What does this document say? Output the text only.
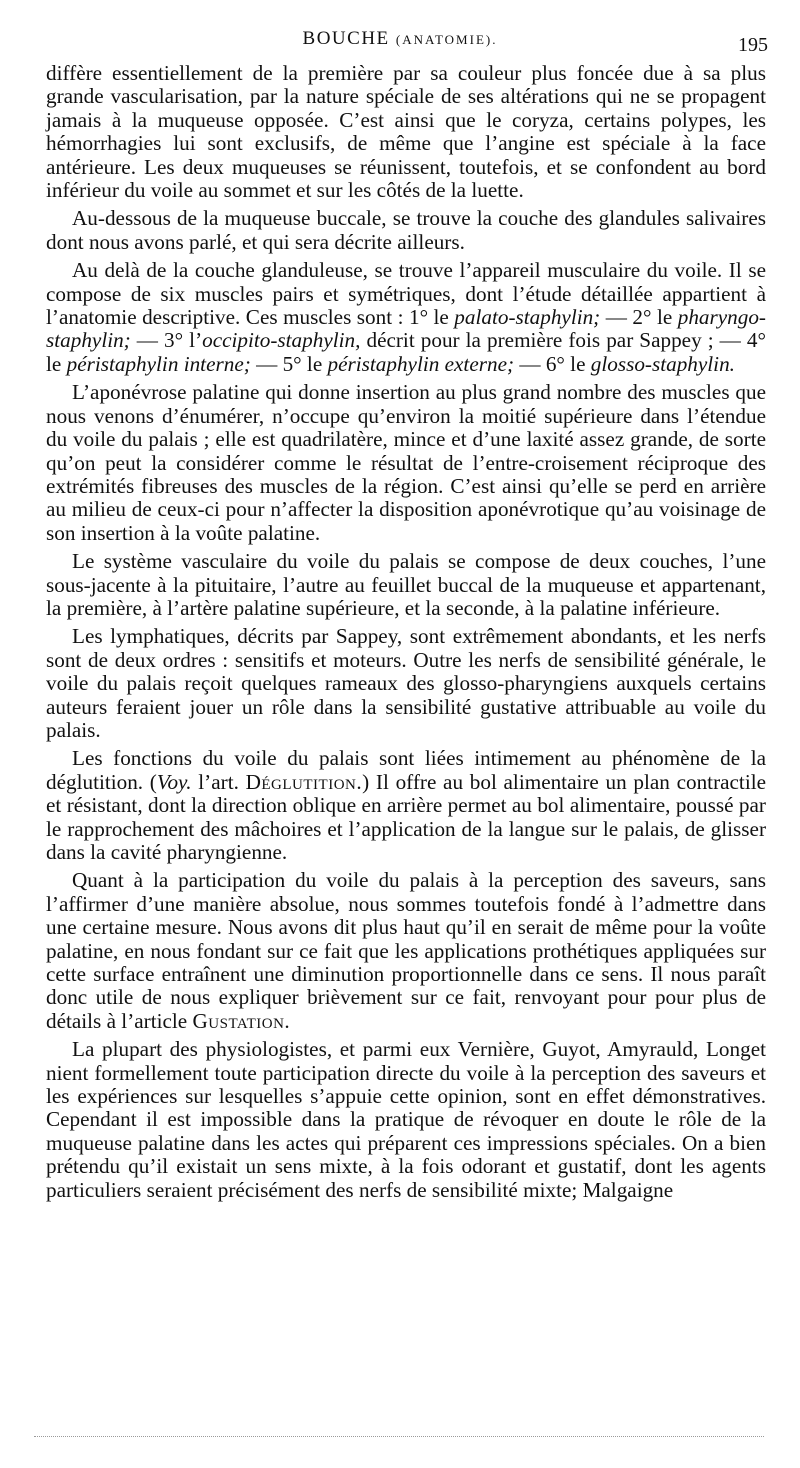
BOUCHE (ANATOMIE).	195

diffère essentiellement de la première par sa couleur plus foncée due à sa plus grande vascularisation, par la nature spéciale de ses altérations qui ne se propagent jamais à la muqueuse opposée. C’est ainsi que le coryza, certains polypes, les hémorrhagies lui sont exclusifs, de même que l’angine est spéciale à la face antérieure. Les deux muqueuses se réunissent, toutefois, et se confondent au bord inférieur du voile au sommet et sur les côtés de la luette.

Au-dessous de la muqueuse buccale, se trouve la couche des glandules salivaires dont nous avons parlé, et qui sera décrite ailleurs.

Au delà de la couche glanduleuse, se trouve l’appareil musculaire du voile. Il se compose de six muscles pairs et symétriques, dont l’étude détaillée appartient à l’anatomie descriptive. Ces muscles sont : 1° le palato-staphylin; — 2° le pharyngo-staphylin; — 3° l’occipito-staphylin, décrit pour la première fois par Sappey ; — 4° le péristaphylin interne; — 5° le péristaphylin externe; — 6° le glosso-staphylin.

L’aponévrose palatine qui donne insertion au plus grand nombre des muscles que nous venons d’énumérer, n’occupe qu’environ la moitié supérieure dans l’étendue du voile du palais ; elle est quadrilatère, mince et d’une laxité assez grande, de sorte qu’on peut la considérer comme le résultat de l’entre-croisement réciproque des extrémités fibreuses des muscles de la région. C’est ainsi qu’elle se perd en arrière au milieu de ceux-ci pour n’affecter la disposition aponévrotique qu’au voisinage de son insertion à la voûte palatine.

Le système vasculaire du voile du palais se compose de deux couches, l’une sous-jacente à la pituitaire, l’autre au feuillet buccal de la muqueuse et appartenant, la première, à l’artère palatine supérieure, et la seconde, à la palatine inférieure.

Les lymphatiques, décrits par Sappey, sont extrêmement abondants, et les nerfs sont de deux ordres : sensitifs et moteurs. Outre les nerfs de sensibilité générale, le voile du palais reçoit quelques rameaux des glosso-pharyngiens auxquels certains auteurs feraient jouer un rôle dans la sensibilité gustative attribuable au voile du palais.

Les fonctions du voile du palais sont liées intimement au phénomène de la déglutition. (Voy. l’art. Déglutition.) Il offre au bol alimentaire un plan contractile et résistant, dont la direction oblique en arrière permet au bol alimentaire, poussé par le rapprochement des mâchoires et l’application de la langue sur le palais, de glisser dans la cavité pharyngienne.

Quant à la participation du voile du palais à la perception des saveurs, sans l’affirmer d’une manière absolue, nous sommes toutefois fondé à l’admettre dans une certaine mesure. Nous avons dit plus haut qu’il en serait de même pour la voûte palatine, en nous fondant sur ce fait que les applications prothétiques appliquées sur cette surface entraînent une diminution proportionnelle dans ce sens. Il nous paraît donc utile de nous expliquer brièvement sur ce fait, renvoyant pour pour plus de détails à l’article Gustation.

La plupart des physiologistes, et parmi eux Vernière, Guyot, Amyrauld, Longet nient formellement toute participation directe du voile à la perception des saveurs et les expériences sur lesquelles s’appuie cette opinion, sont en effet démonstratives. Cependant il est impossible dans la pratique de révoquer en doute le rôle de la muqueuse palatine dans les actes qui préparent ces impressions spéciales. On a bien prétendu qu’il existait un sens mixte, à la fois odorant et gustatif, dont les agents particuliers seraient précisément des nerfs de sensibilité mixte; Malgaigne
